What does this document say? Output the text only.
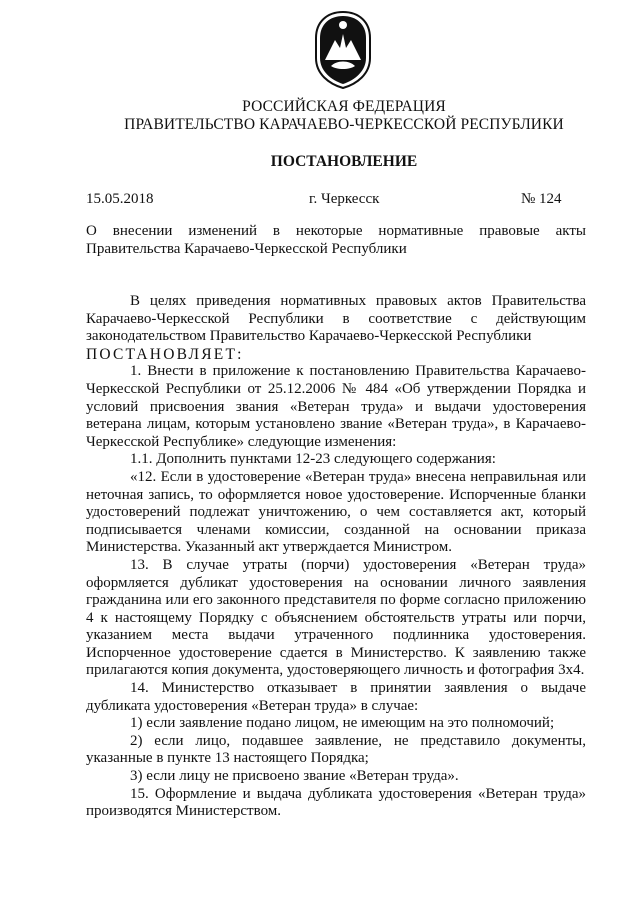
РОССИЙСКАЯ ФЕДЕРАЦИЯ
ПРАВИТЕЛЬСТВО КАРАЧАЕВО-ЧЕРКЕССКОЙ РЕСПУБЛИКИ
ПОСТАНОВЛЕНИЕ
15.05.2018	г. Черкесск	№ 124
О внесении изменений в некоторые нормативные правовые акты Правительства Карачаево-Черкесской Республики

В целях приведения нормативных правовых актов Правительства Карачаево-Черкесской Республики в соответствие с действующим законодательством Правительство Карачаево-Черкесской Республики

ПОСТАНОВЛЯЕТ:

1. Внести в приложение к постановлению Правительства Карачаево-Черкесской Республики от 25.12.2006 № 484 «Об утверждении Порядка и условий присвоения звания «Ветеран труда» и выдачи удостоверения ветерана лицам, которым установлено звание «Ветеран труда», в Карачаево-Черкесской Республике» следующие изменения:

1.1. Дополнить пунктами 12-23 следующего содержания:

«12. Если в удостоверение «Ветеран труда» внесена неправильная или неточная запись, то оформляется новое удостоверение. Испорченные бланки удостоверений подлежат уничтожению, о чем составляется акт, который подписывается членами комиссии, созданной на основании приказа Министерства. Указанный акт утверждается Министром.

13. В случае утраты (порчи) удостоверения «Ветеран труда» оформляется дубликат удостоверения на основании личного заявления гражданина или его законного представителя по форме согласно приложению 4 к настоящему Порядку с объяснением обстоятельств утраты или порчи, указанием места выдачи утраченного подлинника удостоверения. Испорченное удостоверение сдается в Министерство. К заявлению также прилагаются копия документа, удостоверяющего личность и фотография 3х4.

14. Министерство отказывает в принятии заявления о выдаче дубликата удостоверения «Ветеран труда» в случае:

1) если заявление подано лицом, не имеющим на это полномочий;

2) если лицо, подавшее заявление, не представило документы, указанные в пункте 13 настоящего Порядка;

3) если лицу не присвоено звание «Ветеран труда».

15. Оформление и выдача дубликата удостоверения «Ветеран труда» производятся Министерством.
